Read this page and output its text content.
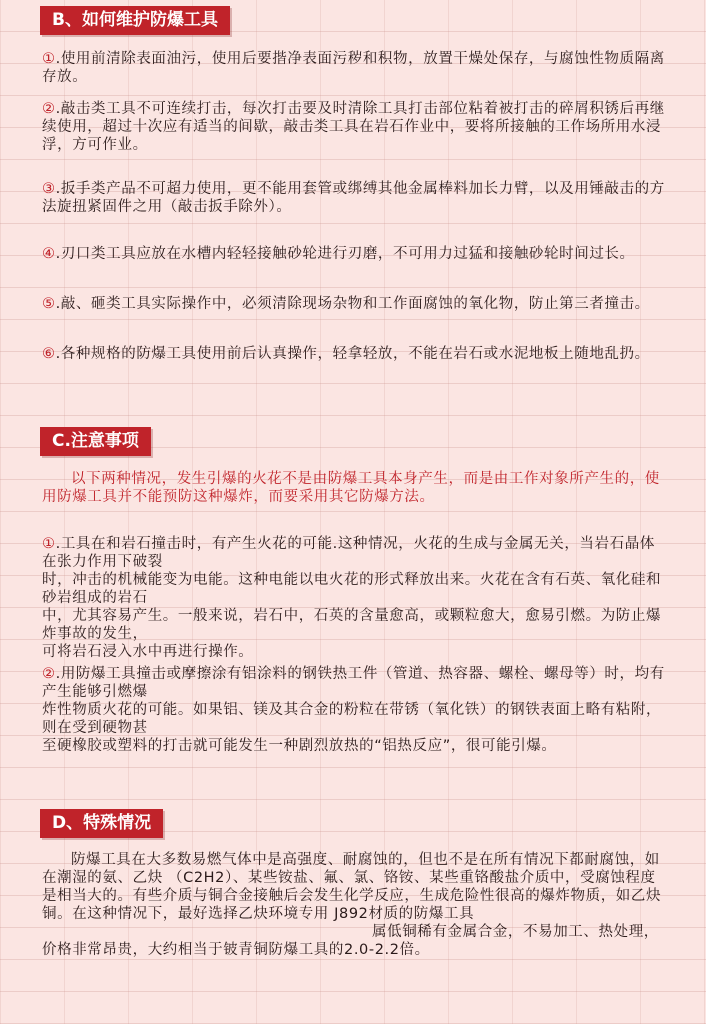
B、如何维护防爆工具
①.使用前清除表面油污，使用后要揩净表面污秽和积物，放置干燥处保存，与腐蚀性物质隔离存放。
②.敲击类工具不可连续打击，每次打击要及时清除工具打击部位粘着被打击的碎屑积锈后再继续使用，超过十次应有适当的间歇，敲击类工具在岩石作业中，要将所接触的工作场所用水浸浮，方可作业。
③.扳手类产品不可超力使用，更不能用套管或绑缚其他金属棒料加长力臂，以及用锤敲击的方法旋扭紧固件之用（敲击扳手除外）。
④.刃口类工具应放在水槽内轻轻接触砂轮进行刃磨，不可用力过猛和接触砂轮时间过长。
⑤.敲、砸类工具实际操作中，必须清除现场杂物和工作面腐蚀的氧化物，防止第三者撞击。
⑥.各种规格的防爆工具使用前后认真操作，轻拿轻放，不能在岩石或水泥地板上随地乱扔。
C.注意事项
以下两种情况，发生引爆的火花不是由防爆工具本身产生，而是由工作对象所产生的，使用防爆工具并不能预防这种爆炸，而要采用其它防爆方法。
①.工具在和岩石撞击时，有产生火花的可能.这种情况，火花的生成与金属无关，当岩石晶体在张力作用下破裂
时，冲击的机械能变为电能。这种电能以电火花的形式释放出来。火花在含有石英、氧化硅和砂岩组成的岩石
中，尤其容易产生。一般来说，岩石中，石英的含量愈高，或颗粒愈大，愈易引燃。为防止爆炸事故的发生，
可将岩石浸入水中再进行操作。
②.用防爆工具撞击或摩擦涂有铝涂料的钢铁热工件（管道、热容器、螺栓、螺母等）时，均有产生能够引燃爆
炸性物质火花的可能。如果铝、镁及其合金的粉粒在带锈（氧化铁）的钢铁表面上略有粘附，则在受到硬物甚
至硬橡胶或塑料的打击就可能发生一种剧烈放热的“铝热反应”，很可能引爆。
D、特殊情况
防爆工具在大多数易燃气体中是高强度、耐腐蚀的，但也不是在所有情况下都耐腐蚀，如在潮湿的氨、乙炔 （C2H2）、某些铵盐、氟、氯、铬铵、某些重铬酸盐介质中，受腐蚀程度是相当大的。有些介质与铜合金接触后会发生化学反应，生成危险性很高的爆炸物质，如乙炔铜。在这种情况下，最好选择乙炔环境专用 J892材质的防爆工具属低铜稀有金属合金，不易加工、热处理，价格非常昂贵，大约相当于铍青铜防爆工具的2.0-2.2倍。
